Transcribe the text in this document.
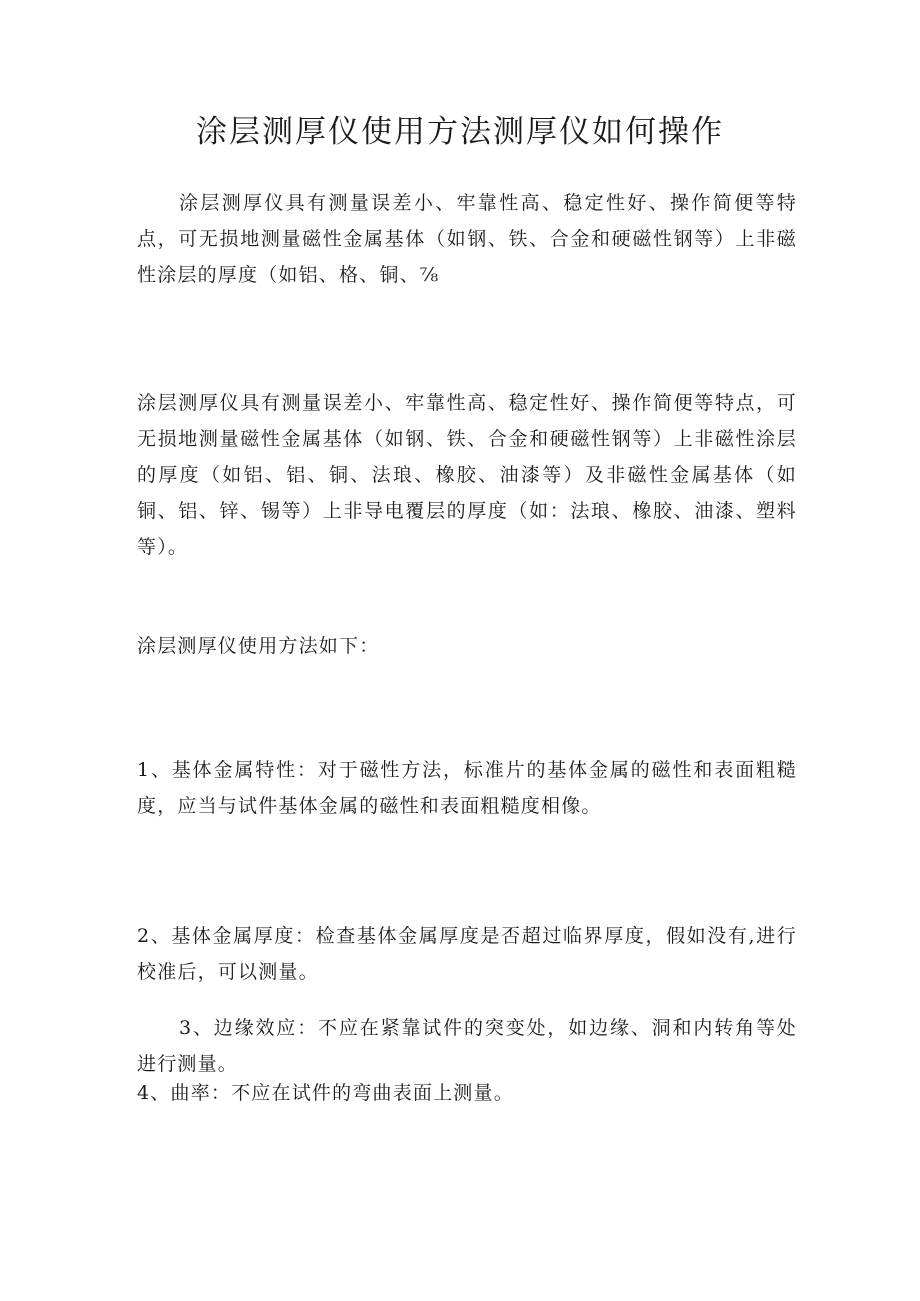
涂层测厚仪使用方法测厚仪如何操作

涂层测厚仪具有测量误差小、牢靠性高、稳定性好、操作简便等特点，可无损地测量磁性金属基体（如钢、铁、合金和硬磁性钢等）上非磁性涂层的厚度（如铝、格、铜、⅞

涂层测厚仪具有测量误差小、牢靠性高、稳定性好、操作简便等特点，可无损地测量磁性金属基体（如钢、铁、合金和硬磁性钢等）上非磁性涂层的厚度（如铝、铝、铜、法琅、橡胶、油漆等）及非磁性金属基体（如铜、铝、锌、锡等）上非导电覆层的厚度（如：法琅、橡胶、油漆、塑料等）。

涂层测厚仪使用方法如下：

1、基体金属特性：对于磁性方法，标准片的基体金属的磁性和表面粗糙度，应当与试件基体金属的磁性和表面粗糙度相像。

2、基体金属厚度：检查基体金属厚度是否超过临界厚度，假如没有,进行校准后，可以测量。

3、边缘效应：不应在紧靠试件的突变处，如边缘、洞和内转角等处进行测量。

4、曲率：不应在试件的弯曲表面上测量。
